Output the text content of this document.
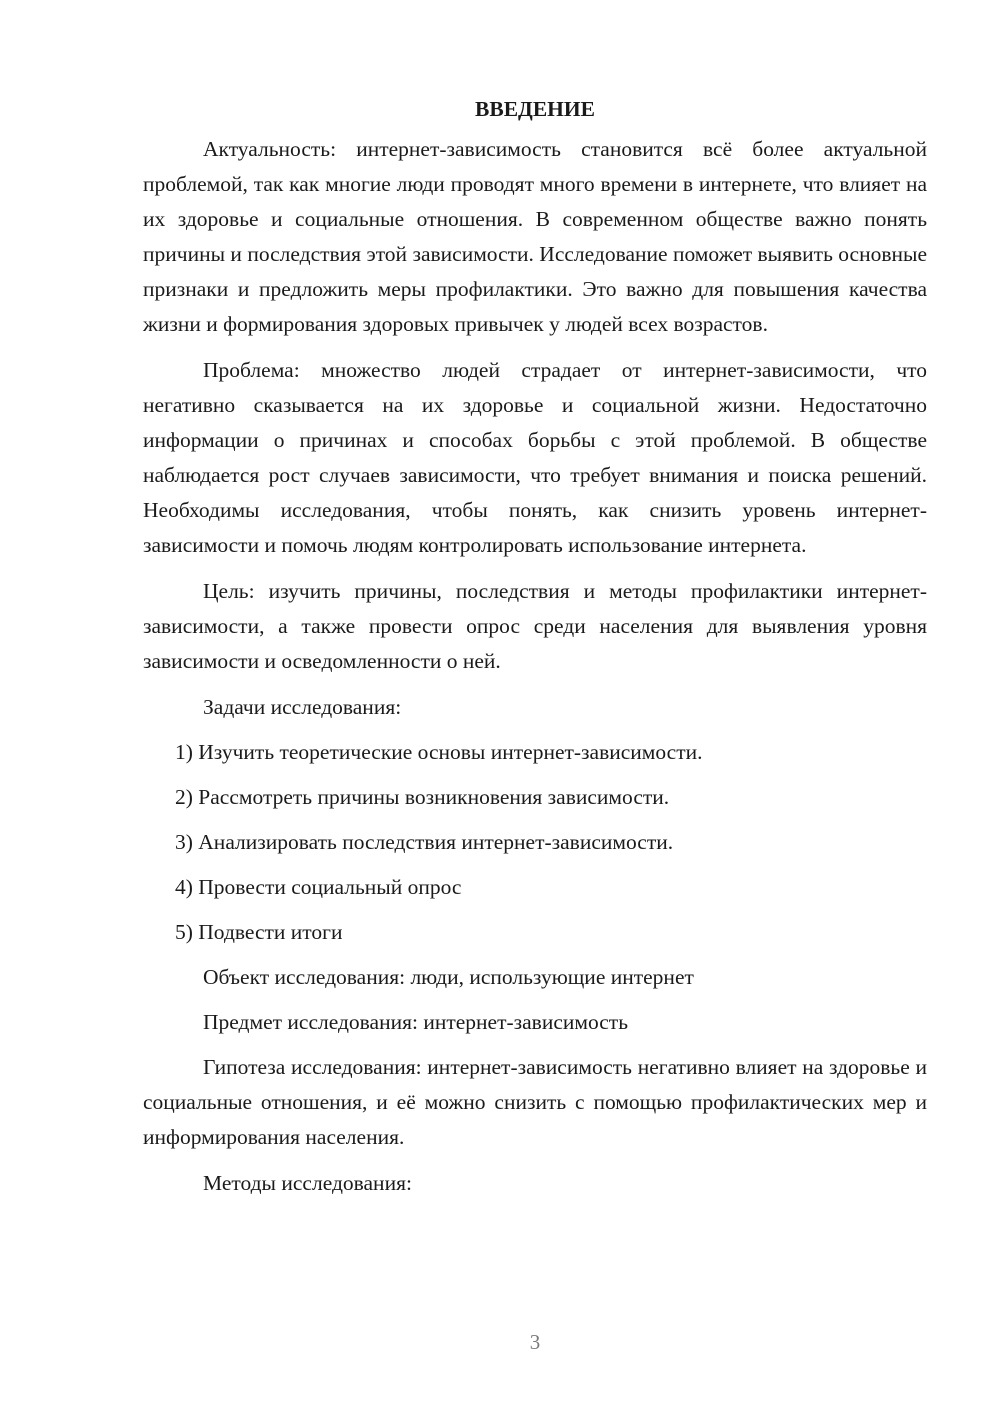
ВВЕДЕНИЕ

Актуальность: интернет-зависимость становится всё более актуальной проблемой, так как многие люди проводят много времени в интернете, что влияет на их здоровье и социальные отношения. В современном обществе важно понять причины и последствия этой зависимости. Исследование поможет выявить основные признаки и предложить меры профилактики. Это важно для повышения качества жизни и формирования здоровых привычек у людей всех возрастов.

Проблема: множество людей страдает от интернет-зависимости, что негативно сказывается на их здоровье и социальной жизни. Недостаточно информации о причинах и способах борьбы с этой проблемой. В обществе наблюдается рост случаев зависимости, что требует внимания и поиска решений. Необходимы исследования, чтобы понять, как снизить уровень интернет-зависимости и помочь людям контролировать использование интернета.

Цель: изучить причины, последствия и методы профилактики интернет-зависимости, а также провести опрос среди населения для выявления уровня зависимости и осведомленности о ней.

Задачи исследования:
1) Изучить теоретические основы интернет-зависимости.
2) Рассмотреть причины возникновения зависимости.
3) Анализировать последствия интернет-зависимости.
4) Провести социальный опрос
5) Подвести итоги
Объект исследования: люди, использующие интернет
Предмет исследования: интернет-зависимость

Гипотеза исследования: интернет-зависимость негативно влияет на здоровье и социальные отношения, и её можно снизить с помощью профилактических мер и информирования населения.

Методы исследования:
3
